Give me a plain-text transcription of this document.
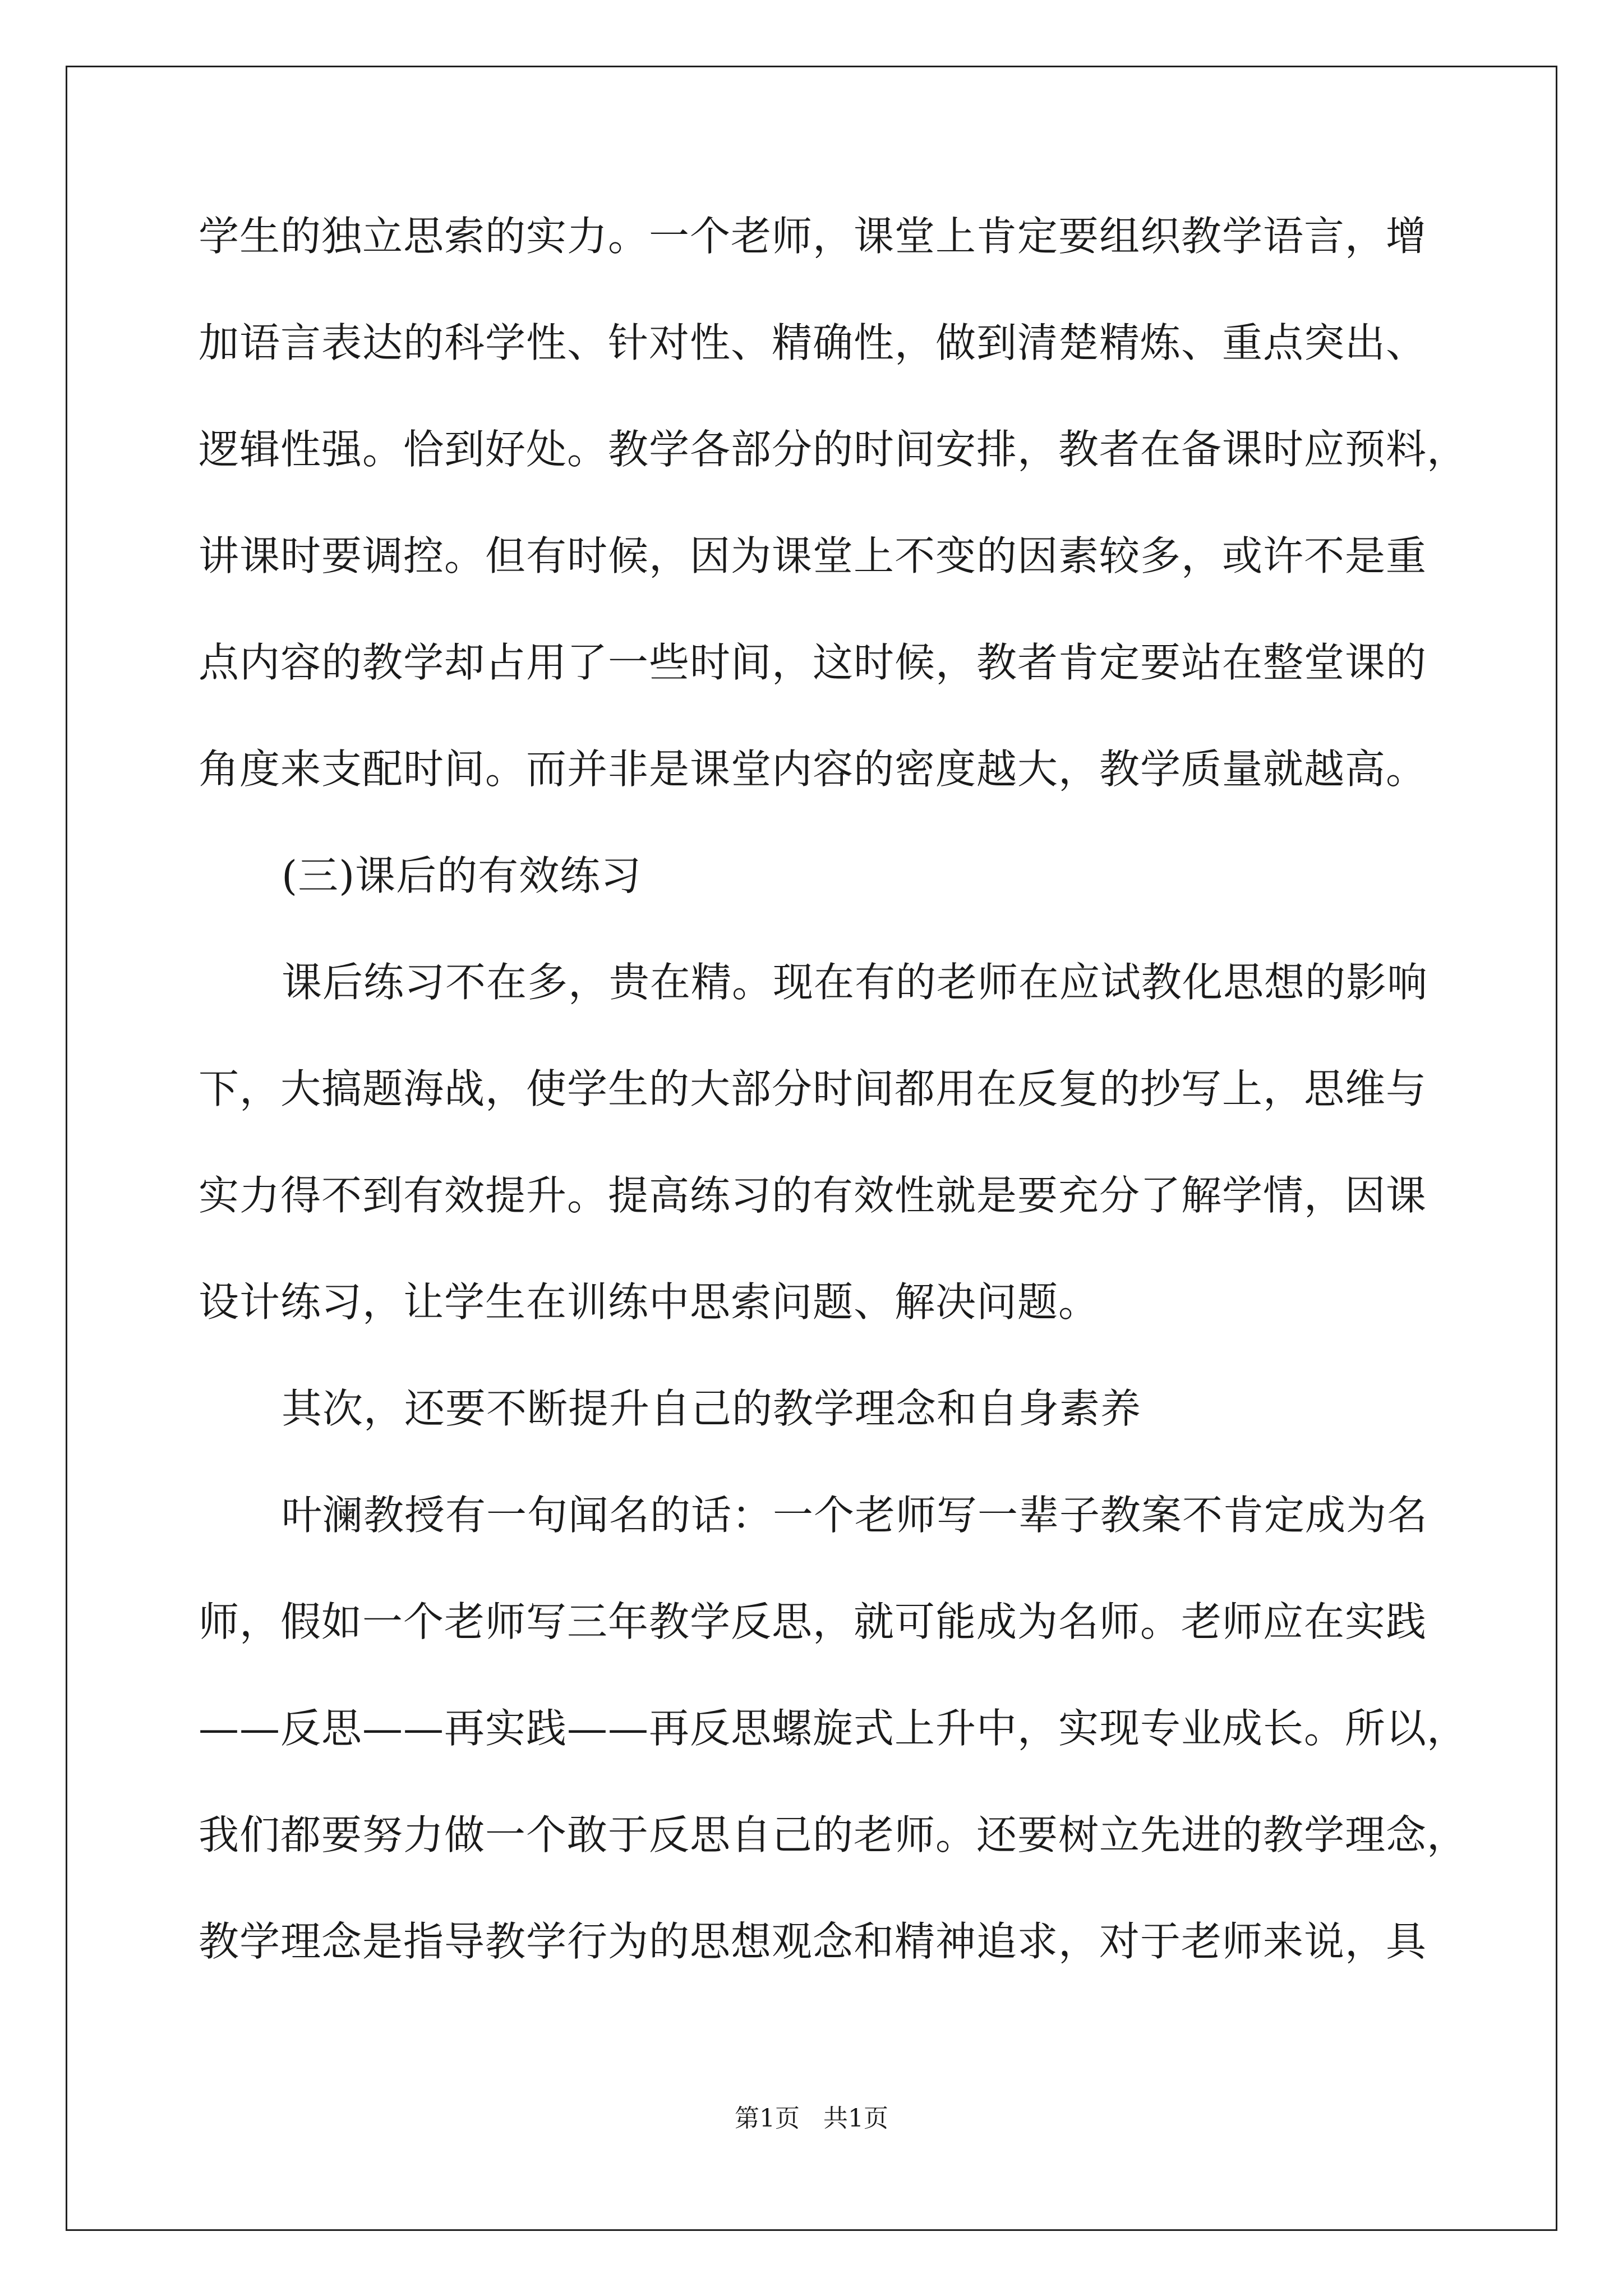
学生的独立思索的实力。一个老师，课堂上肯定要组织教学语言，增
加语言表达的科学性、针对性、精确性，做到清楚精炼、重点突出、
逻辑性强。恰到好处。教学各部分的时间安排，教者在备课时应预料，
讲课时要调控。但有时候，因为课堂上不变的因素较多，或许不是重
点内容的教学却占用了一些时间，这时候，教者肯定要站在整堂课的
角度来支配时间。而并非是课堂内容的密度越大，教学质量就越高。
(三)课后的有效练习
课后练习不在多，贵在精。现在有的老师在应试教化思想的影响
下，大搞题海战，使学生的大部分时间都用在反复的抄写上，思维与
实力得不到有效提升。提高练习的有效性就是要充分了解学情，因课
设计练习，让学生在训练中思索问题、解决问题。
其次，还要不断提升自己的教学理念和自身素养
叶澜教授有一句闻名的话：一个老师写一辈子教案不肯定成为名
师，假如一个老师写三年教学反思，就可能成为名师。老师应在实践
——反思——再实践——再反思螺旋式上升中，实现专业成长。所以，
我们都要努力做一个敢于反思自己的老师。还要树立先进的教学理念，
教学理念是指导教学行为的思想观念和精神追求，对于老师来说，具
第1页   共1页
